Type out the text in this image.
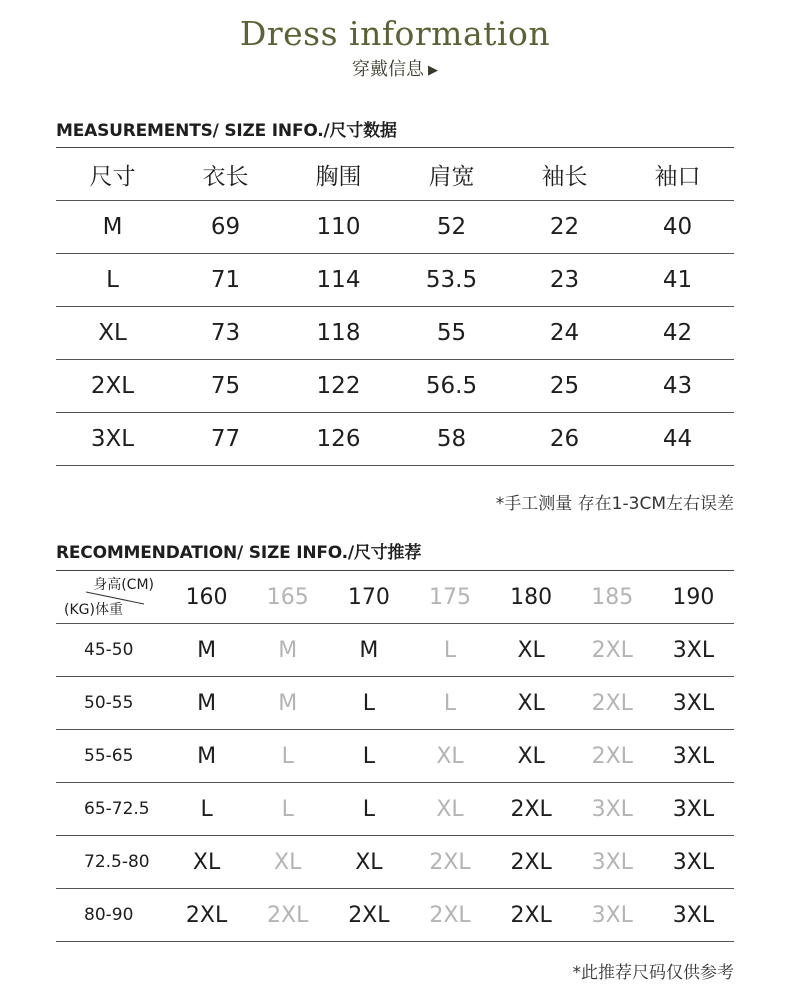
Dress information
穿戴信息 ▶
MEASUREMENTS/ SIZE INFO./尺寸数据
尺寸	衣长	胸围	肩宽	袖长	袖口
M	69	110	52	22	40
L	71	114	53.5	23	41
XL	73	118	55	24	42
2XL	75	122	56.5	25	43
3XL	77	126	58	26	44
*手工测量 存在1-3CM左右误差
RECOMMENDATION/ SIZE INFO./尺寸推荐
身高(CM)
(KG)体重	160	165	170	175	180	185	190
45-50	M	M	M	L	XL	2XL	3XL
50-55	M	M	L	L	XL	2XL	3XL
55-65	M	L	L	XL	XL	2XL	3XL
65-72.5	L	L	L	XL	2XL	3XL	3XL
72.5-80	XL	XL	XL	2XL	2XL	3XL	3XL
80-90	2XL	2XL	2XL	2XL	2XL	3XL	3XL
*此推荐尺码仅供参考
